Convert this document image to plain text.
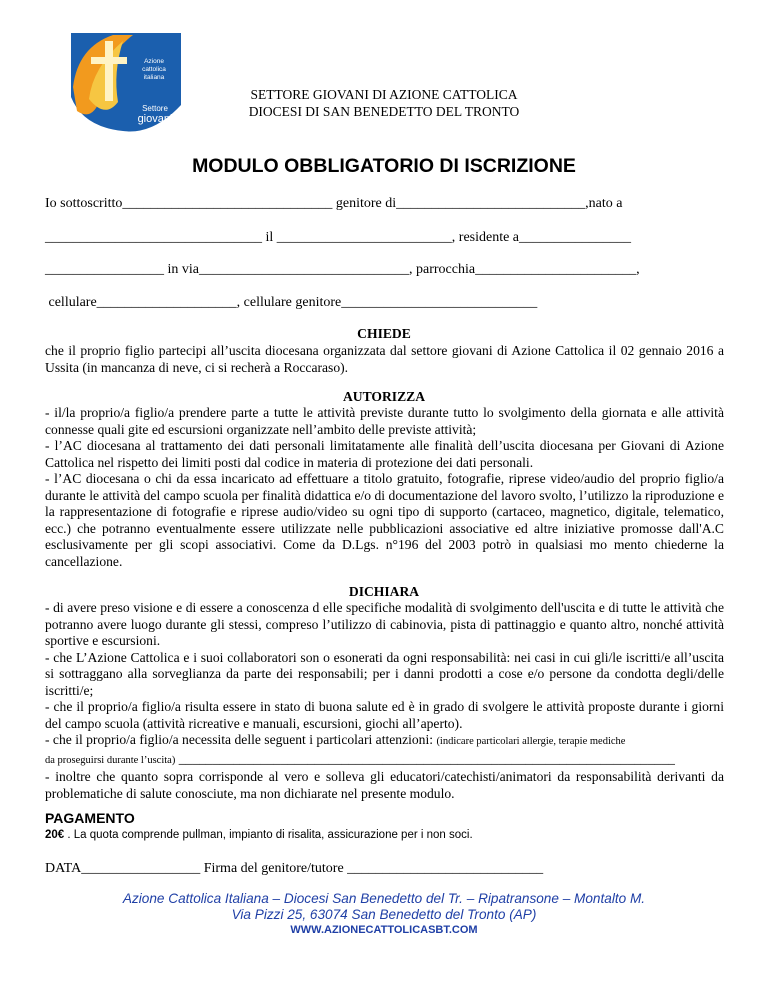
Azione
cattolica
italiana
Settore
giovani
SETTORE GIOVANI DI AZIONE CATTOLICA
DIOCESI DI SAN BENEDETTO DEL TRONTO
MODULO OBBLIGATORIO DI ISCRIZIONE
Io sottoscritto______________________________ genitore di___________________________,nato a
_______________________________ il _________________________, residente a________________
_________________ in via______________________________, parrocchia_______________________,
cellulare____________________, cellulare genitore____________________________
CHIEDE
che il proprio figlio partecipi all’uscita diocesana organizzata dal settore giovani di Azione Cattolica il 02 gennaio 2016 a Ussita (in mancanza di neve, ci si recherà a Roccaraso).
AUTORIZZA
- il/la proprio/a figlio/a prendere parte a tutte le attività previste durante tutto lo svolgimento della giornata e alle attività connesse quali gite ed escursioni organizzate nell’ambito delle previste attività;
- l’AC diocesana al trattamento dei dati personali limitatamente alle finalità dell’uscita diocesana per Giovani di Azione Cattolica nel rispetto dei limiti posti dal codice in materia di protezione dei dati personali.
- l’AC diocesana o chi da essa incaricato ad effettuare a titolo gratuito, fotografie, riprese video/audio del proprio figlio/a durante le attività del campo scuola per finalità didattica e/o di documentazione del lavoro svolto, l’utilizzo la riproduzione e la rappresentazione di fotografie e riprese audio/video su ogni tipo di supporto (cartaceo, magnetico, digitale, telematico, ecc.) che potranno eventualmente essere utilizzate nelle pubblicazioni associative ed altre iniziative promosse dall'A.C esclusivamente per gli scopi associativi. Come da D.Lgs. n°196 del 2003 potrò in qualsiasi mo mento chiederne la cancellazione.
DICHIARA
- di avere preso visione e di essere a conoscenza d elle specifiche modalità di svolgimento dell'uscita e di tutte le attività che potranno avere luogo durante gli stessi, compreso l’utilizzo di cabinovia, pista di pattinaggio e quanto altro, nonché attività sportive e escursioni.
- che L’Azione Cattolica e i suoi collaboratori son o esonerati da ogni responsabilità: nei casi in cui gli/le iscritti/e all’uscita si sottraggano alla sorveglianza da parte dei responsabili; per i danni prodotti a cose e/o persone da condotta degli/delle iscritti/e;
- che il proprio/a figlio/a risulta essere in stato di buona salute ed è in grado di svolgere le attività proposte durante i giorni del campo scuola (attività ricreative e manuali, escursioni, giochi all’aperto).
- che il proprio/a figlio/a necessita delle seguent i particolari attenzioni: (indicare particolari allergie, terapie mediche
da proseguirsi durante l’uscita) _________________________________________________________________________
- inoltre che quanto sopra corrisponde al vero e solleva gli educatori/catechisti/animatori da responsabilità derivanti da problematiche di salute conosciute, ma non dichiarate nel presente modulo.
PAGAMENTO
20€ . La quota comprende pullman, impianto di risalita, assicurazione per i non soci.
DATA_________________ Firma del genitore/tutore ____________________________
Azione Cattolica Italiana – Diocesi San Benedetto del Tr. – Ripatransone – Montalto M.
Via Pizzi 25, 63074 San Benedetto del Tronto (AP)
WWW.AZIONECATTOLICASBT.COM
